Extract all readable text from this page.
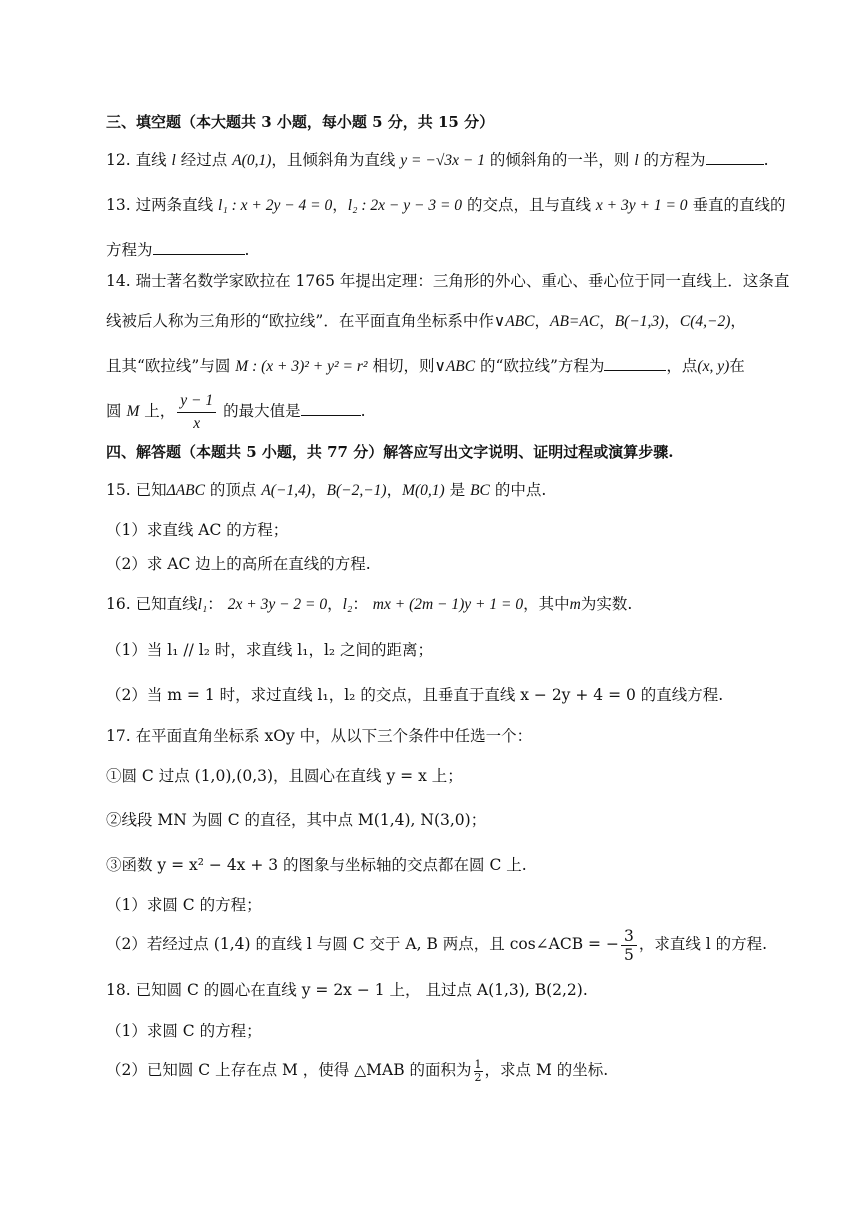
三、填空题（本大题共 3 小题，每小题 5 分，共 15 分）
12. 直线 l 经过点 A(0,1)，且倾斜角为直线 y = −√3x − 1 的倾斜角的一半，则 l 的方程为	.
13. 过两条直线 l₁ : x + 2y − 4 = 0，l₂ : 2x − y − 3 = 0 的交点，且与直线 x + 3y + 1 = 0 垂直的直线的
方程为	.
14. 瑞士著名数学家欧拉在 1765 年提出定理：三角形的外心、重心、垂心位于同一直线上．这条直
线被后人称为三角形的“欧拉线”．在平面直角坐标系中作∨ABC，AB=AC，B(−1,3)，C(4,−2)，
且其“欧拉线”与圆 M : (x + 3)² + y² = r² 相切，则∨ABC 的“欧拉线”方程为	，点(x, y)在
圆 M 上， $\frac{y - 1}{x}$ 的最大值是	.
四、解答题（本题共 5 小题，共 77 分）解答应写出文字说明、证明过程或演算步骤.
15. 已知ΔABC 的顶点 A(−1,4)，B(−2,−1)，M(0,1) 是 BC 的中点.
（1）求直线 AC 的方程；
（2）求 AC 边上的高所在直线的方程.
16. 已知直线l₁： 2x + 3y − 2 = 0，l₂： mx + (2m − 1)y + 1 = 0，其中m为实数.
（1）当 l₁ // l₂ 时，求直线 l₁，l₂ 之间的距离；
（2）当 m = 1 时，求过直线 l₁，l₂ 的交点，且垂直于直线 x − 2y + 4 = 0 的直线方程.
17. 在平面直角坐标系 xOy 中，从以下三个条件中任选一个：
①圆 C 过点 (1,0),(0,3)，且圆心在直线 y = x 上；
②线段 MN 为圆 C 的直径，其中点 M(1,4), N(3,0)；
③函数 y = x² − 4x + 3 的图象与坐标轴的交点都在圆 C 上.
（1）求圆 C 的方程；
（2）若经过点 (1,4) 的直线 l 与圆 C 交于 A, B 两点，且 cos∠ACB = − $\frac{3}{5}$ ，求直线 l 的方程.
18. 已知圆 C 的圆心在直线 y = 2x − 1 上， 且过点 A(1,3), B(2,2).
（1）求圆 C 的方程；
（2）已知圆 C 上存在点 M ，使得 △MAB 的面积为 $\frac{1}{2}$ ，求点 M 的坐标.
